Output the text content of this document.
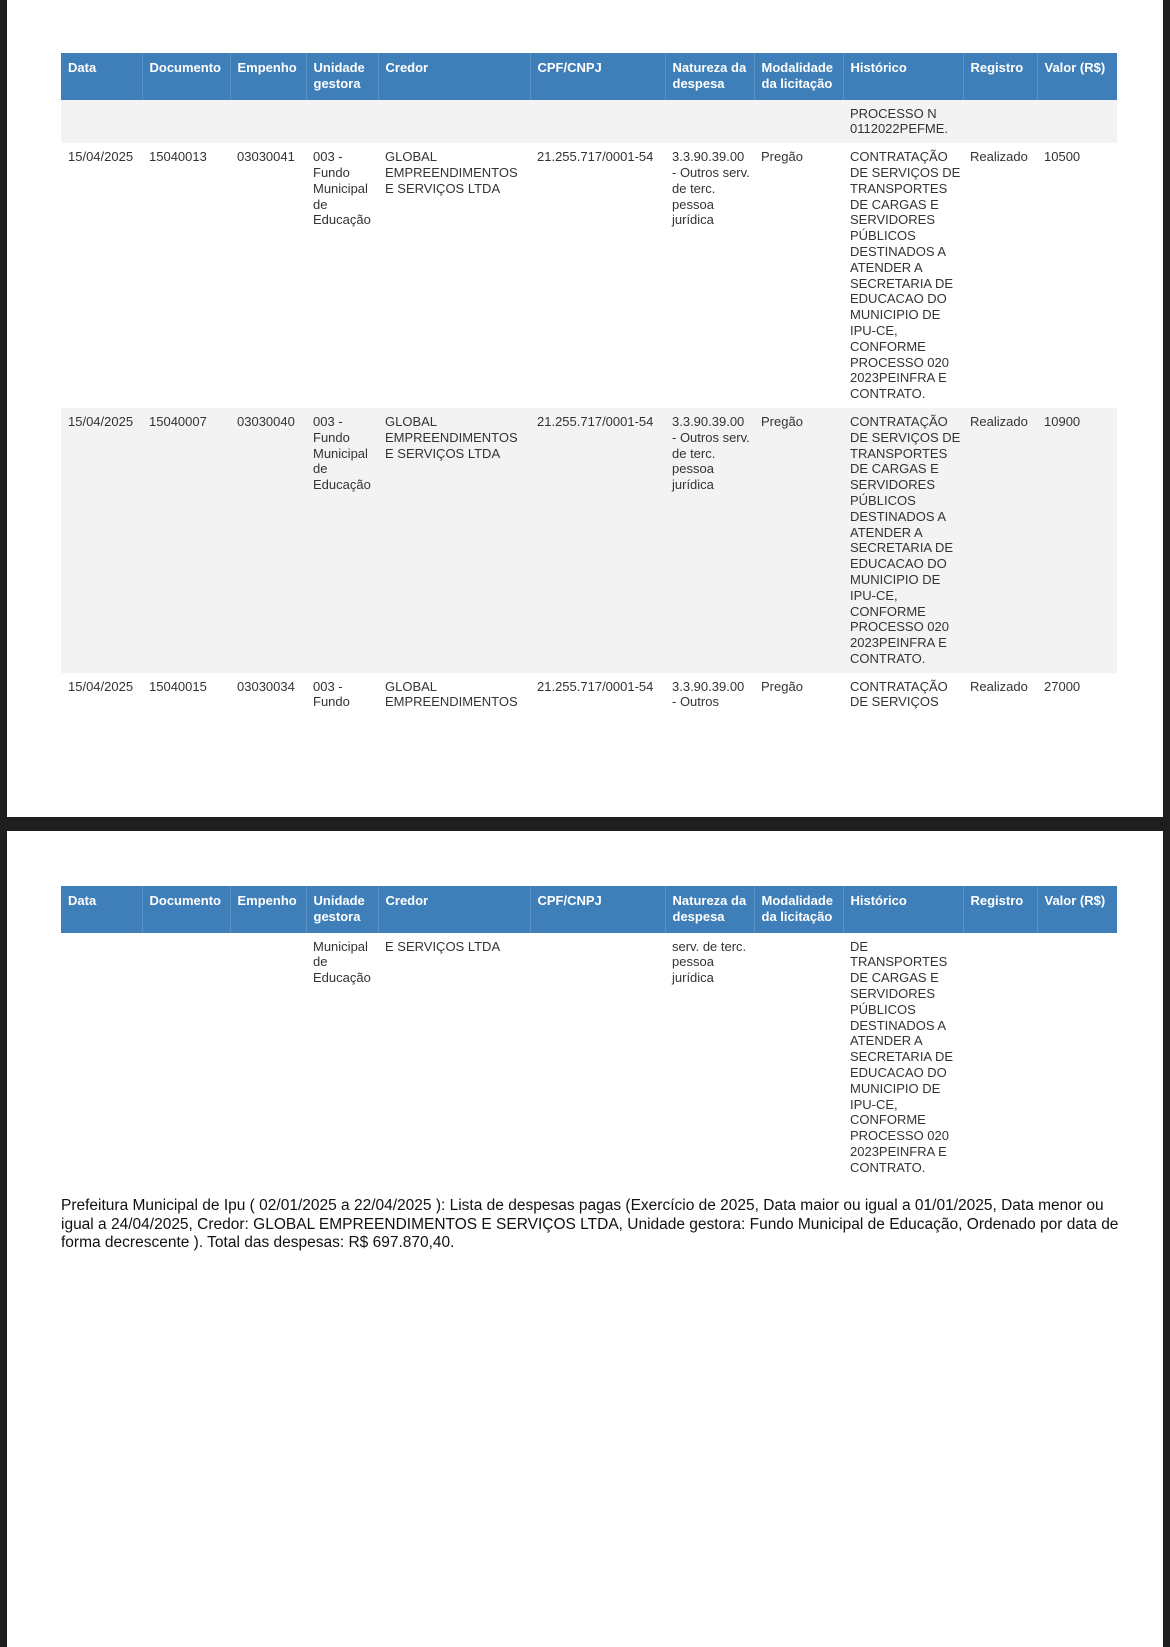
Data	Documento	Empenho	Unidade gestora	Credor	CPF/CNPJ	Natureza da despesa	Modalidade da licitação	Histórico	Registro	Valor (R$)
								PROCESSO N 0112022PEFME.		
15/04/2025	15040013	03030041	003 - Fundo Municipal de Educação	GLOBAL EMPREENDIMENTOS E SERVIÇOS LTDA	21.255.717/0001-54	3.3.90.39.00 - Outros serv. de terc. pessoa jurídica	Pregão	CONTRATAÇÃO DE SERVIÇOS DE TRANSPORTES DE CARGAS E SERVIDORES PÚBLICOS DESTINADOS A ATENDER A SECRETARIA DE EDUCACAO DO MUNICIPIO DE IPU-CE, CONFORME PROCESSO 020 2023PEINFRA E CONTRATO.	Realizado	10500
15/04/2025	15040007	03030040	003 - Fundo Municipal de Educação	GLOBAL EMPREENDIMENTOS E SERVIÇOS LTDA	21.255.717/0001-54	3.3.90.39.00 - Outros serv. de terc. pessoa jurídica	Pregão	CONTRATAÇÃO DE SERVIÇOS DE TRANSPORTES DE CARGAS E SERVIDORES PÚBLICOS DESTINADOS A ATENDER A SECRETARIA DE EDUCACAO DO MUNICIPIO DE IPU-CE, CONFORME PROCESSO 020 2023PEINFRA E CONTRATO.	Realizado	10900
15/04/2025	15040015	03030034	003 - Fundo	GLOBAL EMPREENDIMENTOS	21.255.717/0001-54	3.3.90.39.00 - Outros	Pregão	CONTRATAÇÃO DE SERVIÇOS	Realizado	27000
Data	Documento	Empenho	Unidade gestora	Credor	CPF/CNPJ	Natureza da despesa	Modalidade da licitação	Histórico	Registro	Valor (R$)
			Municipal de Educação	E SERVIÇOS LTDA		serv. de terc. pessoa jurídica		DE TRANSPORTES DE CARGAS E SERVIDORES PÚBLICOS DESTINADOS A ATENDER A SECRETARIA DE EDUCACAO DO MUNICIPIO DE IPU-CE, CONFORME PROCESSO 020 2023PEINFRA E CONTRATO.		
Prefeitura Municipal de Ipu ( 02/01/2025 a 22/04/2025 ): Lista de despesas pagas (Exercício de 2025, Data maior ou igual a 01/01/2025, Data menor ou igual a 24/04/2025, Credor: GLOBAL EMPREENDIMENTOS E SERVIÇOS LTDA, Unidade gestora: Fundo Municipal de Educação, Ordenado por data de forma decrescente ). Total das despesas: R$ 697.870,40.
